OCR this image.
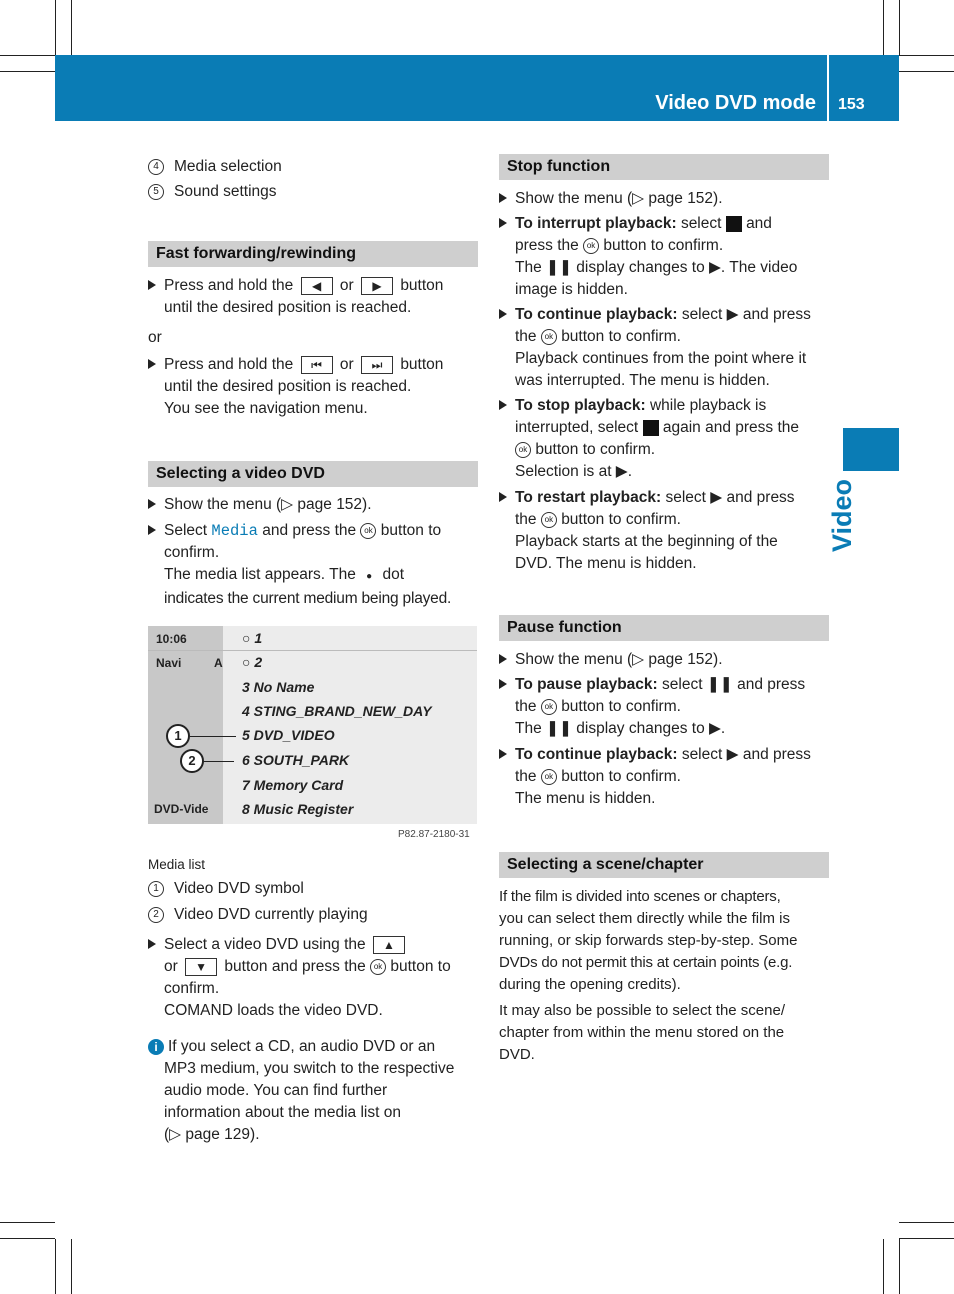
Video DVD mode 153
Video

4 Media selection

5 Sound settings

Fast forwarding/rewinding

Press and hold the ◀ or ▶ button

until the desired position is reached.

or

Press and hold the ⏮ or ⏭ button

until the desired position is reached.

You see the navigation menu.

Selecting a video DVD

Show the menu (▷ page 152).

Select Media and press the ok button to

confirm.

The media list appears. The ● dot

indicates the current medium being played.

10:06
Navi	A
DVD-Vide
○ 1
○ 2
3 No Name
4 STING_BRAND_NEW_DAY
5 DVD_VIDEO
6 SOUTH_PARK
7 Memory Card
8 Music Register
1
2
P82.87-2180-31

Media list

1 Video DVD symbol

2 Video DVD currently playing

Select a video DVD using the ▲

or ▼ button and press the ok button to

confirm.

COMAND loads the video DVD.

i If you select a CD, an audio DVD or an

MP3 medium, you switch to the respective

audio mode. You can find further

information about the media list on

(▷ page 129).

Stop function

Show the menu (▷ page 152).

To interrupt playback: select and

press the ok button to confirm.

The ❚❚ display changes to ▶. The video

image is hidden.

To continue playback: select ▶ and press

the ok button to confirm.

Playback continues from the point where it

was interrupted. The menu is hidden.

To stop playback: while playback is

interrupted, select again and press the

ok button to confirm.

Selection is at ▶.

To restart playback: select ▶ and press

the ok button to confirm.

Playback starts at the beginning of the

DVD. The menu is hidden.

Pause function

Show the menu (▷ page 152).

To pause playback: select ❚❚ and press

the ok button to confirm.

The ❚❚ display changes to ▶.

To continue playback: select ▶ and press

the ok button to confirm.

The menu is hidden.

Selecting a scene/chapter

If the film is divided into scenes or chapters,

you can select them directly while the film is

running, or skip forwards step-by-step. Some

DVDs do not permit this at certain points (e.g.

during the opening credits).

It may also be possible to select the scene/

chapter from within the menu stored on the

DVD.
